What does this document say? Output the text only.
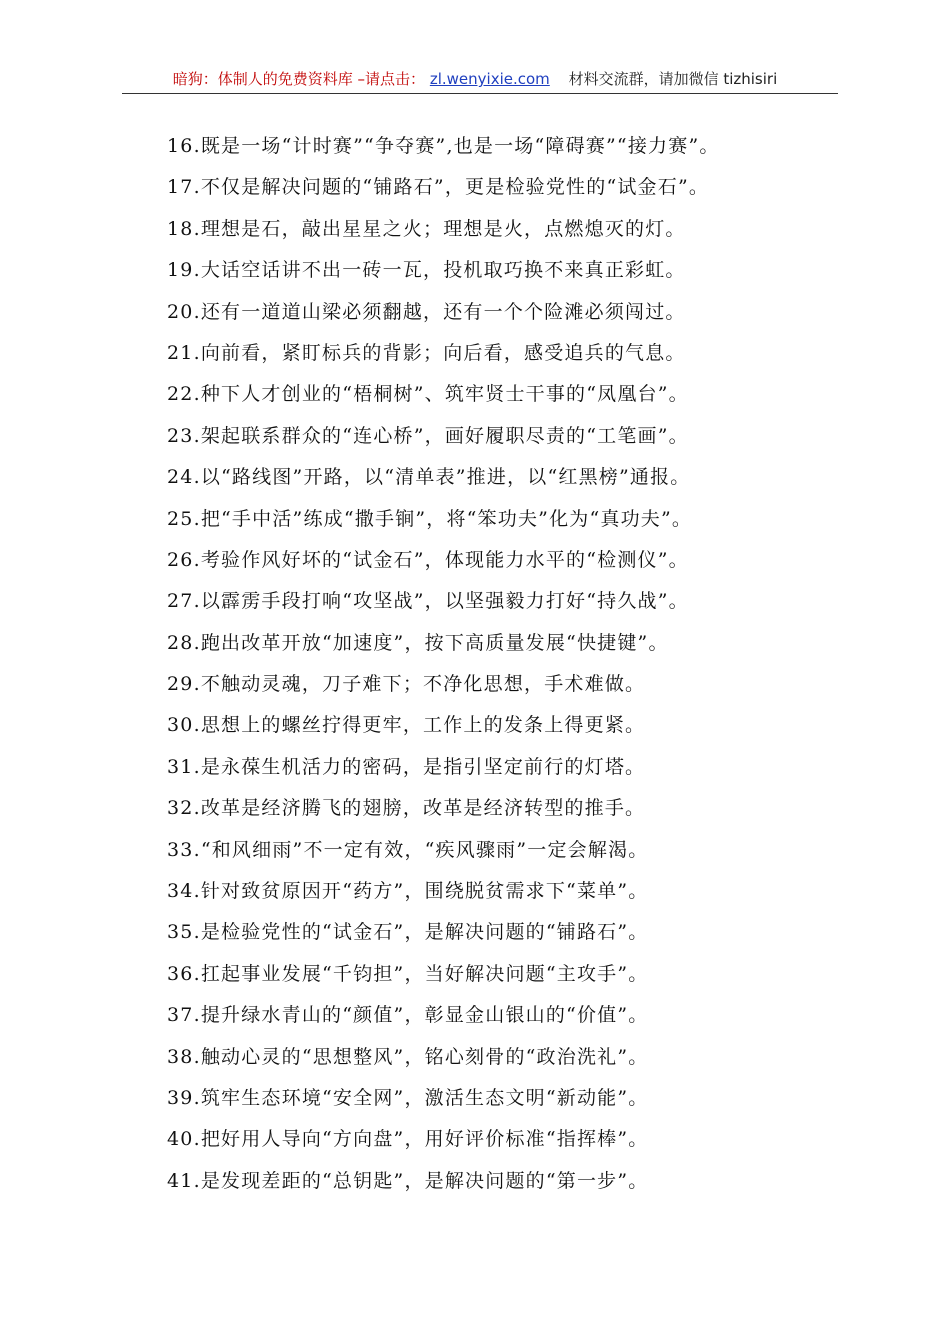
暗狗：体制人的免费资料库 –请点击： zl.wenyixie.com 材料交流群，请加微信 tizhisiri
16.既是一场“计时赛”“争夺赛”,也是一场“障碍赛”“接力赛”。
17.不仅是解决问题的“铺路石”，更是检验党性的“试金石”。
18.理想是石，敲出星星之火；理想是火，点燃熄灭的灯。
19.大话空话讲不出一砖一瓦，投机取巧换不来真正彩虹。
20.还有一道道山梁必须翻越，还有一个个险滩必须闯过。
21.向前看，紧盯标兵的背影；向后看，感受追兵的气息。
22.种下人才创业的“梧桐树”、筑牢贤士干事的“凤凰台”。
23.架起联系群众的“连心桥”，画好履职尽责的“工笔画”。
24.以“路线图”开路，以“清单表”推进，以“红黑榜”通报。
25.把“手中活”练成“撒手锏”，将“笨功夫”化为“真功夫”。
26.考验作风好坏的“试金石”，体现能力水平的“检测仪”。
27.以霹雳手段打响“攻坚战”，以坚强毅力打好“持久战”。
28.跑出改革开放“加速度”，按下高质量发展“快捷键”。
29.不触动灵魂，刀子难下；不净化思想，手术难做。
30.思想上的螺丝拧得更牢，工作上的发条上得更紧。
31.是永葆生机活力的密码，是指引坚定前行的灯塔。
32.改革是经济腾飞的翅膀，改革是经济转型的推手。
33.“和风细雨”不一定有效，“疾风骤雨”一定会解渴。
34.针对致贫原因开“药方”，围绕脱贫需求下“菜单”。
35.是检验党性的“试金石”，是解决问题的“铺路石”。
36.扛起事业发展“千钧担”，当好解决问题“主攻手”。
37.提升绿水青山的“颜值”，彰显金山银山的“价值”。
38.触动心灵的“思想整风”，铭心刻骨的“政治洗礼”。
39.筑牢生态环境“安全网”，激活生态文明“新动能”。
40.把好用人导向“方向盘”，用好评价标准“指挥棒”。
41.是发现差距的“总钥匙”，是解决问题的“第一步”。
